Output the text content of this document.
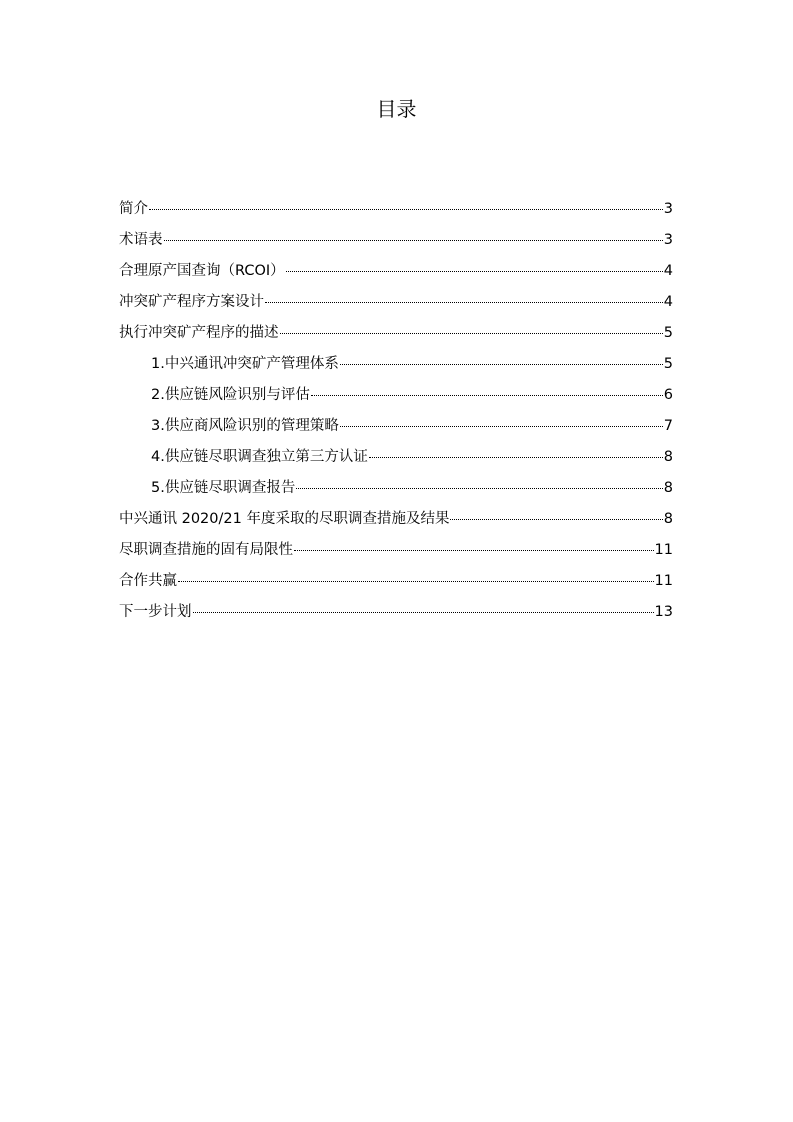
目录
简介	3
术语表	3
合理原产国查询（RCOI）	4
冲突矿产程序方案设计	4
执行冲突矿产程序的描述	5
1.中兴通讯冲突矿产管理体系	5
2.供应链风险识别与评估	6
3.供应商风险识别的管理策略	7
4.供应链尽职调查独立第三方认证	8
5.供应链尽职调查报告	8
中兴通讯 2020/21 年度采取的尽职调查措施及结果	8
尽职调查措施的固有局限性	11
合作共赢	11
下一步计划	13
